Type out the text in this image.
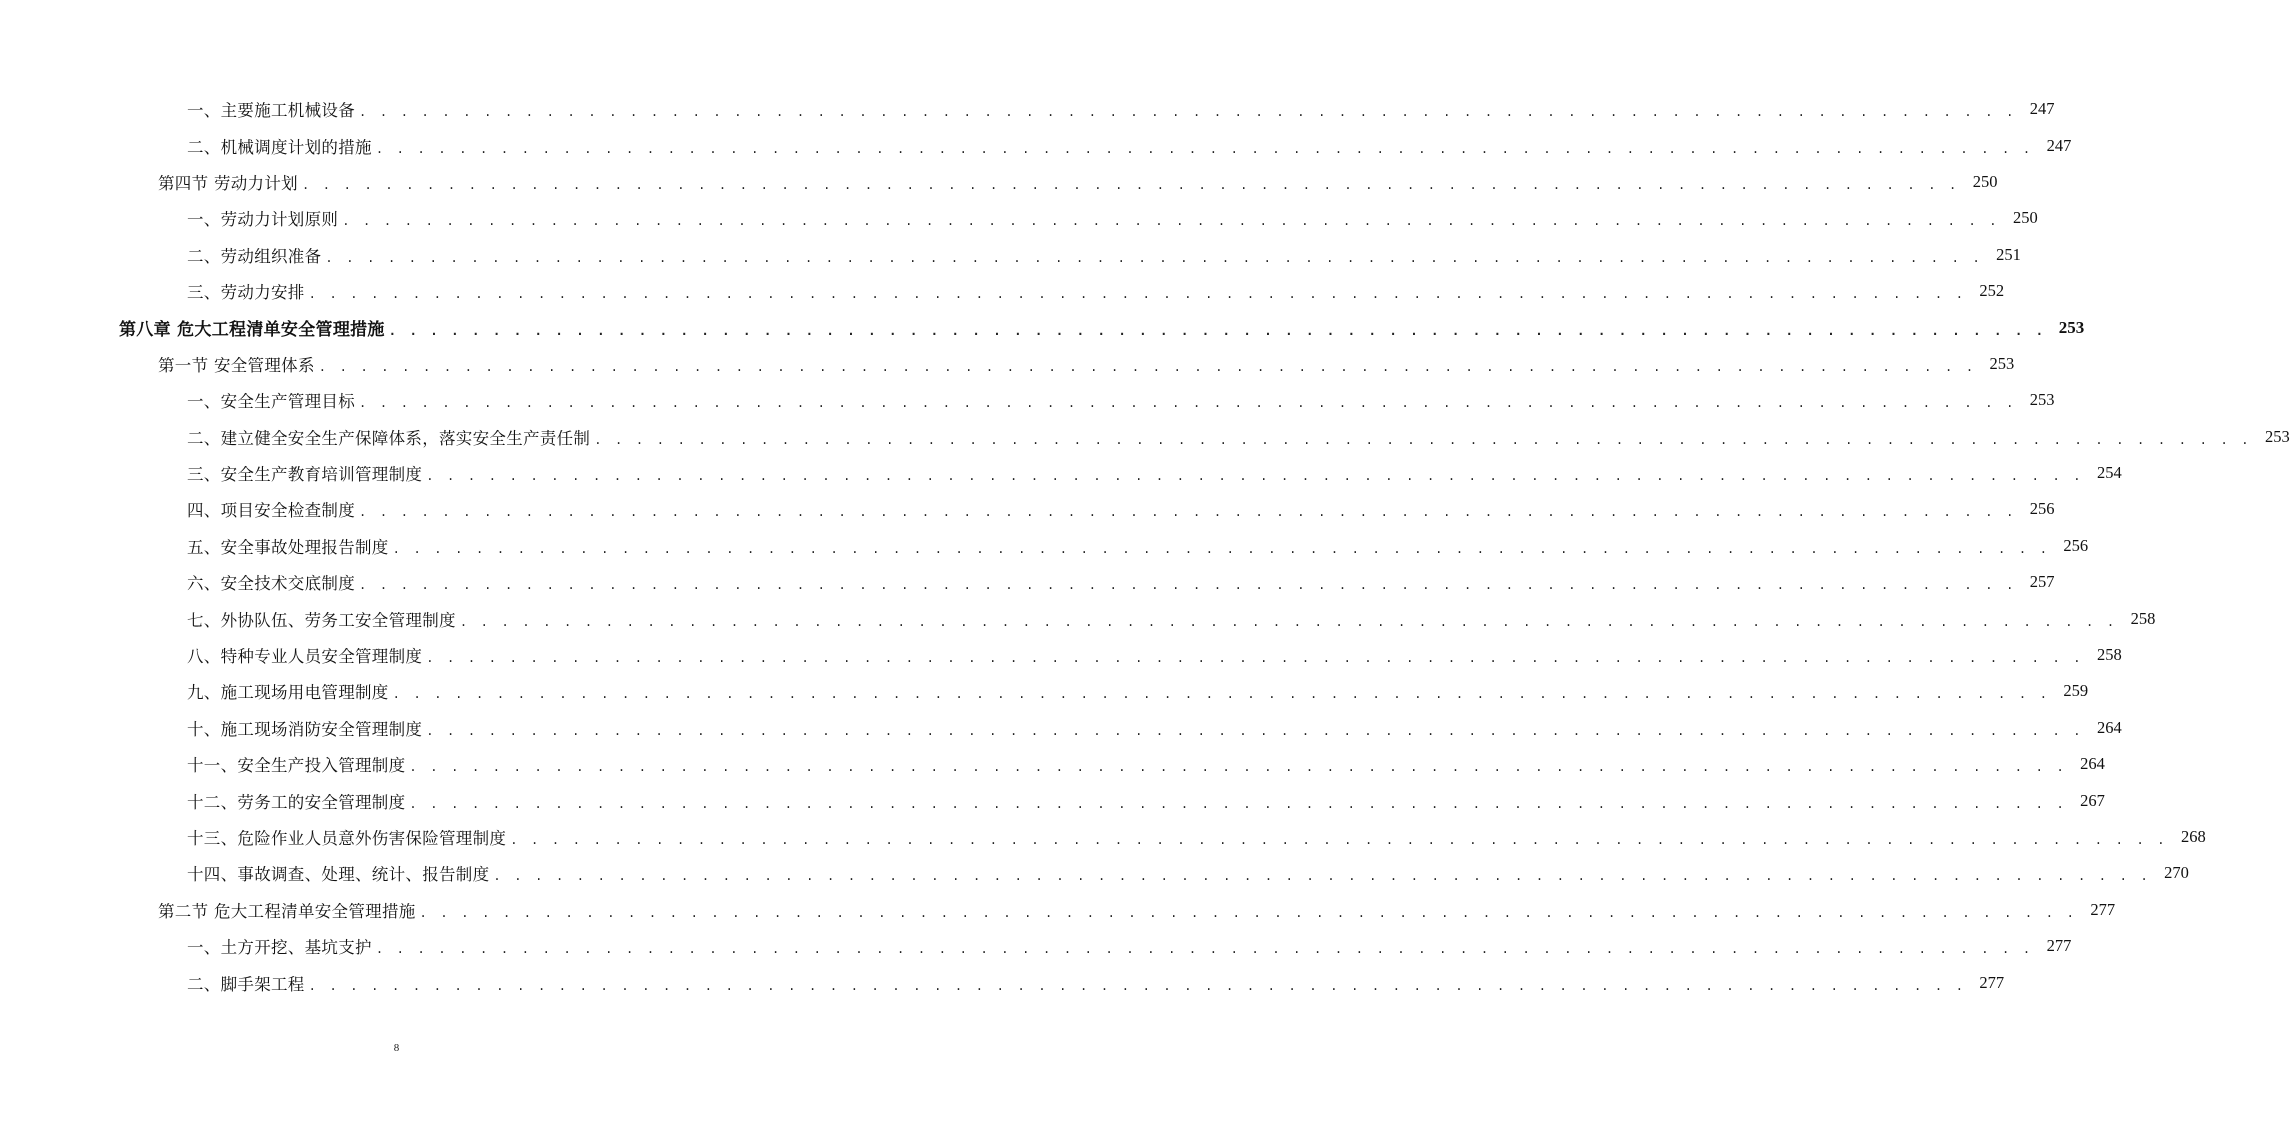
一、主要施工机械设备 . . . . . . . . . . . . . . . . . . . . . . . . . . . . . . . . . . . . . . . . . . . . . . . . . . . . . . . . . . . . . . . . . . . . . . . . . . . . . . . . 247
二、机械调度计划的措施 . . . . . . . . . . . . . . . . . . . . . . . . . . . . . . . . . . . . . . . . . . . . . . . . . . . . . . . . . . . . . . . . . . . . . . . . . . . . . . . . 247
第四节 劳动力计划 . . . . . . . . . . . . . . . . . . . . . . . . . . . . . . . . . . . . . . . . . . . . . . . . . . . . . . . . . . . . . . . . . . . . . . . . . . . . . . . . 250
一、劳动力计划原则 . . . . . . . . . . . . . . . . . . . . . . . . . . . . . . . . . . . . . . . . . . . . . . . . . . . . . . . . . . . . . . . . . . . . . . . . . . . . . . . . 250
二、劳动组织准备 . . . . . . . . . . . . . . . . . . . . . . . . . . . . . . . . . . . . . . . . . . . . . . . . . . . . . . . . . . . . . . . . . . . . . . . . . . . . . . . . 251
三、劳动力安排 . . . . . . . . . . . . . . . . . . . . . . . . . . . . . . . . . . . . . . . . . . . . . . . . . . . . . . . . . . . . . . . . . . . . . . . . . . . . . . . . 252
第八章 危大工程清单安全管理措施 . . . . . . . . . . . . . . . . . . . . . . . . . . . . . . . . . . . . . . . . . . . . . . . . . . . . . . . . . . . . . . . . . . . . . . . . . . . . . . . . 253
第一节 安全管理体系 . . . . . . . . . . . . . . . . . . . . . . . . . . . . . . . . . . . . . . . . . . . . . . . . . . . . . . . . . . . . . . . . . . . . . . . . . . . . . . . . 253
一、安全生产管理目标 . . . . . . . . . . . . . . . . . . . . . . . . . . . . . . . . . . . . . . . . . . . . . . . . . . . . . . . . . . . . . . . . . . . . . . . . . . . . . . . . 253
二、建立健全安全生产保障体系，落实安全生产责任制 . . . . . . . . . . . . . . . . . . . . . . . . . . . . . . . . . . . . . . . . . . . . . . . . . . . . . . . . . . . . . . . . . . . . . . . . . . . . . . . . 253
三、安全生产教育培训管理制度 . . . . . . . . . . . . . . . . . . . . . . . . . . . . . . . . . . . . . . . . . . . . . . . . . . . . . . . . . . . . . . . . . . . . . . . . . . . . . . . . 254
四、项目安全检查制度 . . . . . . . . . . . . . . . . . . . . . . . . . . . . . . . . . . . . . . . . . . . . . . . . . . . . . . . . . . . . . . . . . . . . . . . . . . . . . . . . 256
五、安全事故处理报告制度 . . . . . . . . . . . . . . . . . . . . . . . . . . . . . . . . . . . . . . . . . . . . . . . . . . . . . . . . . . . . . . . . . . . . . . . . . . . . . . . . 256
六、安全技术交底制度 . . . . . . . . . . . . . . . . . . . . . . . . . . . . . . . . . . . . . . . . . . . . . . . . . . . . . . . . . . . . . . . . . . . . . . . . . . . . . . . . 257
七、外协队伍、劳务工安全管理制度 . . . . . . . . . . . . . . . . . . . . . . . . . . . . . . . . . . . . . . . . . . . . . . . . . . . . . . . . . . . . . . . . . . . . . . . . . . . . . . . . 258
八、特种专业人员安全管理制度 . . . . . . . . . . . . . . . . . . . . . . . . . . . . . . . . . . . . . . . . . . . . . . . . . . . . . . . . . . . . . . . . . . . . . . . . . . . . . . . . 258
九、施工现场用电管理制度 . . . . . . . . . . . . . . . . . . . . . . . . . . . . . . . . . . . . . . . . . . . . . . . . . . . . . . . . . . . . . . . . . . . . . . . . . . . . . . . . 259
十、施工现场消防安全管理制度 . . . . . . . . . . . . . . . . . . . . . . . . . . . . . . . . . . . . . . . . . . . . . . . . . . . . . . . . . . . . . . . . . . . . . . . . . . . . . . . . 264
十一、安全生产投入管理制度 . . . . . . . . . . . . . . . . . . . . . . . . . . . . . . . . . . . . . . . . . . . . . . . . . . . . . . . . . . . . . . . . . . . . . . . . . . . . . . . . 264
十二、劳务工的安全管理制度 . . . . . . . . . . . . . . . . . . . . . . . . . . . . . . . . . . . . . . . . . . . . . . . . . . . . . . . . . . . . . . . . . . . . . . . . . . . . . . . . 267
十三、危险作业人员意外伤害保险管理制度 . . . . . . . . . . . . . . . . . . . . . . . . . . . . . . . . . . . . . . . . . . . . . . . . . . . . . . . . . . . . . . . . . . . . . . . . . . . . . . . . 268
十四、事故调查、处理、统计、报告制度 . . . . . . . . . . . . . . . . . . . . . . . . . . . . . . . . . . . . . . . . . . . . . . . . . . . . . . . . . . . . . . . . . . . . . . . . . . . . . . . . 270
第二节 危大工程清单安全管理措施 . . . . . . . . . . . . . . . . . . . . . . . . . . . . . . . . . . . . . . . . . . . . . . . . . . . . . . . . . . . . . . . . . . . . . . . . . . . . . . . . 277
一、土方开挖、基坑支护 . . . . . . . . . . . . . . . . . . . . . . . . . . . . . . . . . . . . . . . . . . . . . . . . . . . . . . . . . . . . . . . . . . . . . . . . . . . . . . . . 277
二、脚手架工程 . . . . . . . . . . . . . . . . . . . . . . . . . . . . . . . . . . . . . . . . . . . . . . . . . . . . . . . . . . . . . . . . . . . . . . . . . . . . . . . . 277
8
